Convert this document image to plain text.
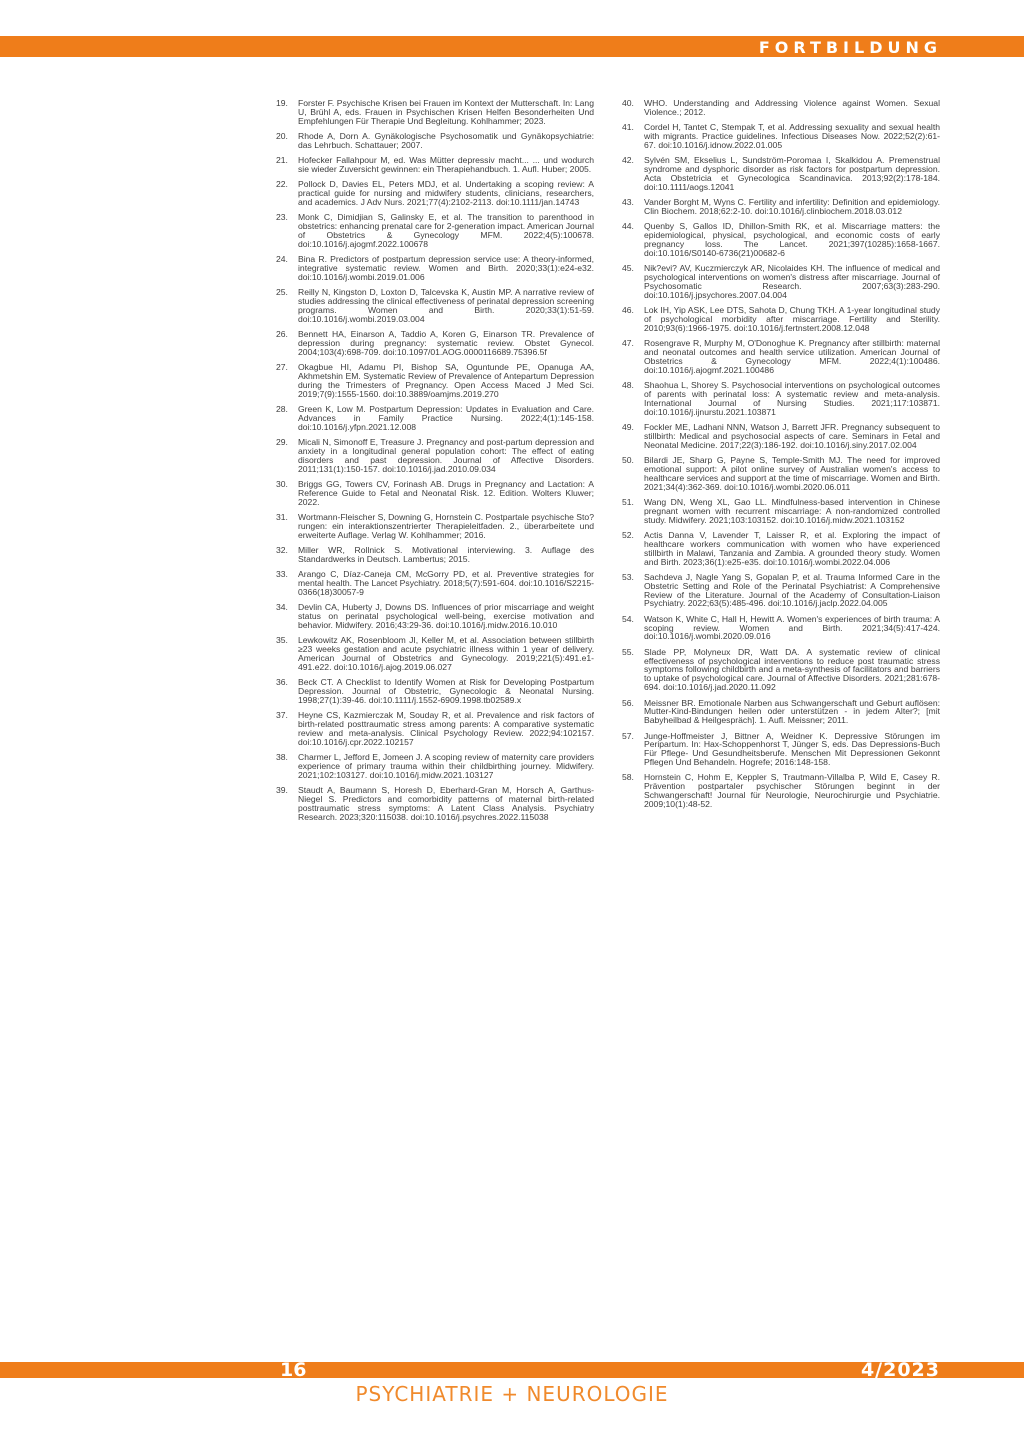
FORTBILDUNG
19.	Forster F. Psychische Krisen bei Frauen im Kontext der Mutterschaft. In: Lang U, Brühl A, eds. Frauen in Psychischen Krisen Helfen Besonderheiten Und Empfehlungen Für Therapie Und Begleitung. Kohlhammer; 2023.
20.	Rhode A, Dorn A. Gynäkologische Psychosomatik und Gynäkopsychiatrie: das Lehrbuch. Schattauer; 2007.
21.	Hofecker Fallahpour M, ed. Was Mütter depressiv macht... ... und wodurch sie wieder Zuversicht gewinnen: ein Therapiehandbuch. 1. Aufl. Huber; 2005.
22.	Pollock D, Davies EL, Peters MDJ, et al. Undertaking a scoping review: A practical guide for nursing and midwifery students, clinicians, researchers, and academics. J Adv Nurs. 2021;77(4):2102-2113. doi:10.1111/jan.14743
23.	Monk C, Dimidjian S, Galinsky E, et al. The transition to parenthood in obstetrics: enhancing prenatal care for 2-generation impact. American Journal of Obstetrics & Gynecology MFM. 2022;4(5):100678. doi:10.1016/j.ajogmf.2022.100678
24.	Bina R. Predictors of postpartum depression service use: A theory-informed, integrative systematic review. Women and Birth. 2020;33(1):e24-e32. doi:10.1016/j.wombi.2019.01.006
25.	Reilly N, Kingston D, Loxton D, Talcevska K, Austin MP. A narrative review of studies addressing the clinical effectiveness of perinatal depression screening programs. Women and Birth. 2020;33(1):51-59. doi:10.1016/j.wombi.2019.03.004
26.	Bennett HA, Einarson A, Taddio A, Koren G, Einarson TR. Prevalence of depression during pregnancy: systematic review. Obstet Gynecol. 2004;103(4):698-709. doi:10.1097/01.AOG.0000116689.75396.5f
27.	Okagbue HI, Adamu PI, Bishop SA, Oguntunde PE, Opanuga AA, Akhmetshin EM. Systematic Review of Prevalence of Antepartum Depression during the Trimesters of Pregnancy. Open Access Maced J Med Sci. 2019;7(9):1555-1560. doi:10.3889/oamjms.2019.270
28.	Green K, Low M. Postpartum Depression: Updates in Evaluation and Care. Advances in Family Practice Nursing. 2022;4(1):145-158. doi:10.1016/j.yfpn.2021.12.008
29.	Micali N, Simonoff E, Treasure J. Pregnancy and post-partum depression and anxiety in a longitudinal general population cohort: The effect of eating disorders and past depression. Journal of Affective Disorders. 2011;131(1):150-157. doi:10.1016/j.jad.2010.09.034
30.	Briggs GG, Towers CV, Forinash AB. Drugs in Pregnancy and Lactation: A Reference Guide to Fetal and Neonatal Risk. 12. Edition. Wolters Kluwer; 2022.
31.	Wortmann-Fleischer S, Downing G, Hornstein C. Postpartale psychische Sto?rungen: ein interaktionszentrierter Therapieleitfaden. 2., überarbeitete und erweiterte Auflage. Verlag W. Kohlhammer; 2016.
32.	Miller WR, Rollnick S. Motivational interviewing. 3. Auflage des Standardwerks in Deutsch. Lambertus; 2015.
33.	Arango C, Díaz-Caneja CM, McGorry PD, et al. Preventive strategies for mental health. The Lancet Psychiatry. 2018;5(7):591-604. doi:10.1016/S2215-0366(18)30057-9
34.	Devlin CA, Huberty J, Downs DS. Influences of prior miscarriage and weight status on perinatal psychological well-being, exercise motivation and behavior. Midwifery. 2016;43:29-36. doi:10.1016/j.midw.2016.10.010
35.	Lewkowitz AK, Rosenbloom JI, Keller M, et al. Association between stillbirth ≥23 weeks gestation and acute psychiatric illness within 1 year of delivery. American Journal of Obstetrics and Gynecology. 2019;221(5):491.e1-491.e22. doi:10.1016/j.ajog.2019.06.027
36.	Beck CT. A Checklist to Identify Women at Risk for Developing Postpartum Depression. Journal of Obstetric, Gynecologic & Neonatal Nursing. 1998;27(1):39-46. doi:10.1111/j.1552-6909.1998.tb02589.x
37.	Heyne CS, Kazmierczak M, Souday R, et al. Prevalence and risk factors of birth-related posttraumatic stress among parents: A comparative systematic review and meta-analysis. Clinical Psychology Review. 2022;94:102157. doi:10.1016/j.cpr.2022.102157
38.	Charmer L, Jefford E, Jomeen J. A scoping review of maternity care providers experience of primary trauma within their childbirthing journey. Midwifery. 2021;102:103127. doi:10.1016/j.midw.2021.103127
39.	Staudt A, Baumann S, Horesh D, Eberhard-Gran M, Horsch A, Garthus-Niegel S. Predictors and comorbidity patterns of maternal birth-related posttraumatic stress symptoms: A Latent Class Analysis. Psychiatry Research. 2023;320:115038. doi:10.1016/j.psychres.2022.115038
40.	WHO. Understanding and Addressing Violence against Women. Sexual Violence.; 2012.
41.	Cordel H, Tantet C, Stempak T, et al. Addressing sexuality and sexual health with migrants. Practice guidelines. Infectious Diseases Now. 2022;52(2):61-67. doi:10.1016/j.idnow.2022.01.005
42.	Sylvén SM, Ekselius L, Sundström-Poromaa I, Skalkidou A. Premenstrual syndrome and dysphoric disorder as risk factors for postpartum depression. Acta Obstetricia et Gynecologica Scandinavica. 2013;92(2):178-184. doi:10.1111/aogs.12041
43.	Vander Borght M, Wyns C. Fertility and infertility: Definition and epidemiology. Clin Biochem. 2018;62:2-10. doi:10.1016/j.clinbiochem.2018.03.012
44.	Quenby S, Gallos ID, Dhillon-Smith RK, et al. Miscarriage matters: the epidemiological, physical, psychological, and economic costs of early pregnancy loss. The Lancet. 2021;397(10285):1658-1667. doi:10.1016/S0140-6736(21)00682-6
45.	Nik?evi? AV, Kuczmierczyk AR, Nicolaides KH. The influence of medical and psychological interventions on women's distress after miscarriage. Journal of Psychosomatic Research. 2007;63(3):283-290. doi:10.1016/j.jpsychores.2007.04.004
46.	Lok IH, Yip ASK, Lee DTS, Sahota D, Chung TKH. A 1-year longitudinal study of psychological morbidity after miscarriage. Fertility and Sterility. 2010;93(6):1966-1975. doi:10.1016/j.fertnstert.2008.12.048
47.	Rosengrave R, Murphy M, O'Donoghue K. Pregnancy after stillbirth: maternal and neonatal outcomes and health service utilization. American Journal of Obstetrics & Gynecology MFM. 2022;4(1):100486. doi:10.1016/j.ajogmf.2021.100486
48.	Shaohua L, Shorey S. Psychosocial interventions on psychological outcomes of parents with perinatal loss: A systematic review and meta-analysis. International Journal of Nursing Studies. 2021;117:103871. doi:10.1016/j.ijnurstu.2021.103871
49.	Fockler ME, Ladhani NNN, Watson J, Barrett JFR. Pregnancy subsequent to stillbirth: Medical and psychosocial aspects of care. Seminars in Fetal and Neonatal Medicine. 2017;22(3):186-192. doi:10.1016/j.siny.2017.02.004
50.	Bilardi JE, Sharp G, Payne S, Temple-Smith MJ. The need for improved emotional support: A pilot online survey of Australian women's access to healthcare services and support at the time of miscarriage. Women and Birth. 2021;34(4):362-369. doi:10.1016/j.wombi.2020.06.011
51.	Wang DN, Weng XL, Gao LL. Mindfulness-based intervention in Chinese pregnant women with recurrent miscarriage: A non-randomized controlled study. Midwifery. 2021;103:103152. doi:10.1016/j.midw.2021.103152
52.	Actis Danna V, Lavender T, Laisser R, et al. Exploring the impact of healthcare workers communication with women who have experienced stillbirth in Malawi, Tanzania and Zambia. A grounded theory study. Women and Birth. 2023;36(1):e25-e35. doi:10.1016/j.wombi.2022.04.006
53.	Sachdeva J, Nagle Yang S, Gopalan P, et al. Trauma Informed Care in the Obstetric Setting and Role of the Perinatal Psychiatrist: A Comprehensive Review of the Literature. Journal of the Academy of Consultation-Liaison Psychiatry. 2022;63(5):485-496. doi:10.1016/j.jaclp.2022.04.005
54.	Watson K, White C, Hall H, Hewitt A. Women's experiences of birth trauma: A scoping review. Women and Birth. 2021;34(5):417-424. doi:10.1016/j.wombi.2020.09.016
55.	Slade PP, Molyneux DR, Watt DA. A systematic review of clinical effectiveness of psychological interventions to reduce post traumatic stress symptoms following childbirth and a meta-synthesis of facilitators and barriers to uptake of psychological care. Journal of Affective Disorders. 2021;281:678-694. doi:10.1016/j.jad.2020.11.092
56.	Meissner BR. Emotionale Narben aus Schwangerschaft und Geburt auflösen: Mutter-Kind-Bindungen heilen oder unterstützen - in jedem Alter?; [mit Babyheilbad & Heilgespräch]. 1. Aufl. Meissner; 2011.
57.	Junge-Hoffmeister J, Bittner A, Weidner K. Depressive Störungen im Peripartum. In: Hax-Schoppenhorst T, Jünger S, eds. Das Depressions-Buch Für Pflege- Und Gesundheitsberufe. Menschen Mit Depressionen Gekonnt Pflegen Und Behandeln. Hogrefe; 2016:148-158.
58.	Hornstein C, Hohm E, Keppler S, Trautmann-Villalba P, Wild E, Casey R. Prävention postpartaler psychischer Störungen beginnt in der Schwangerschaft! Journal für Neurologie, Neurochirurgie und Psychiatrie. 2009;10(1):48-52.
16	4/2023
PSYCHIATRIE + NEUROLOGIE
